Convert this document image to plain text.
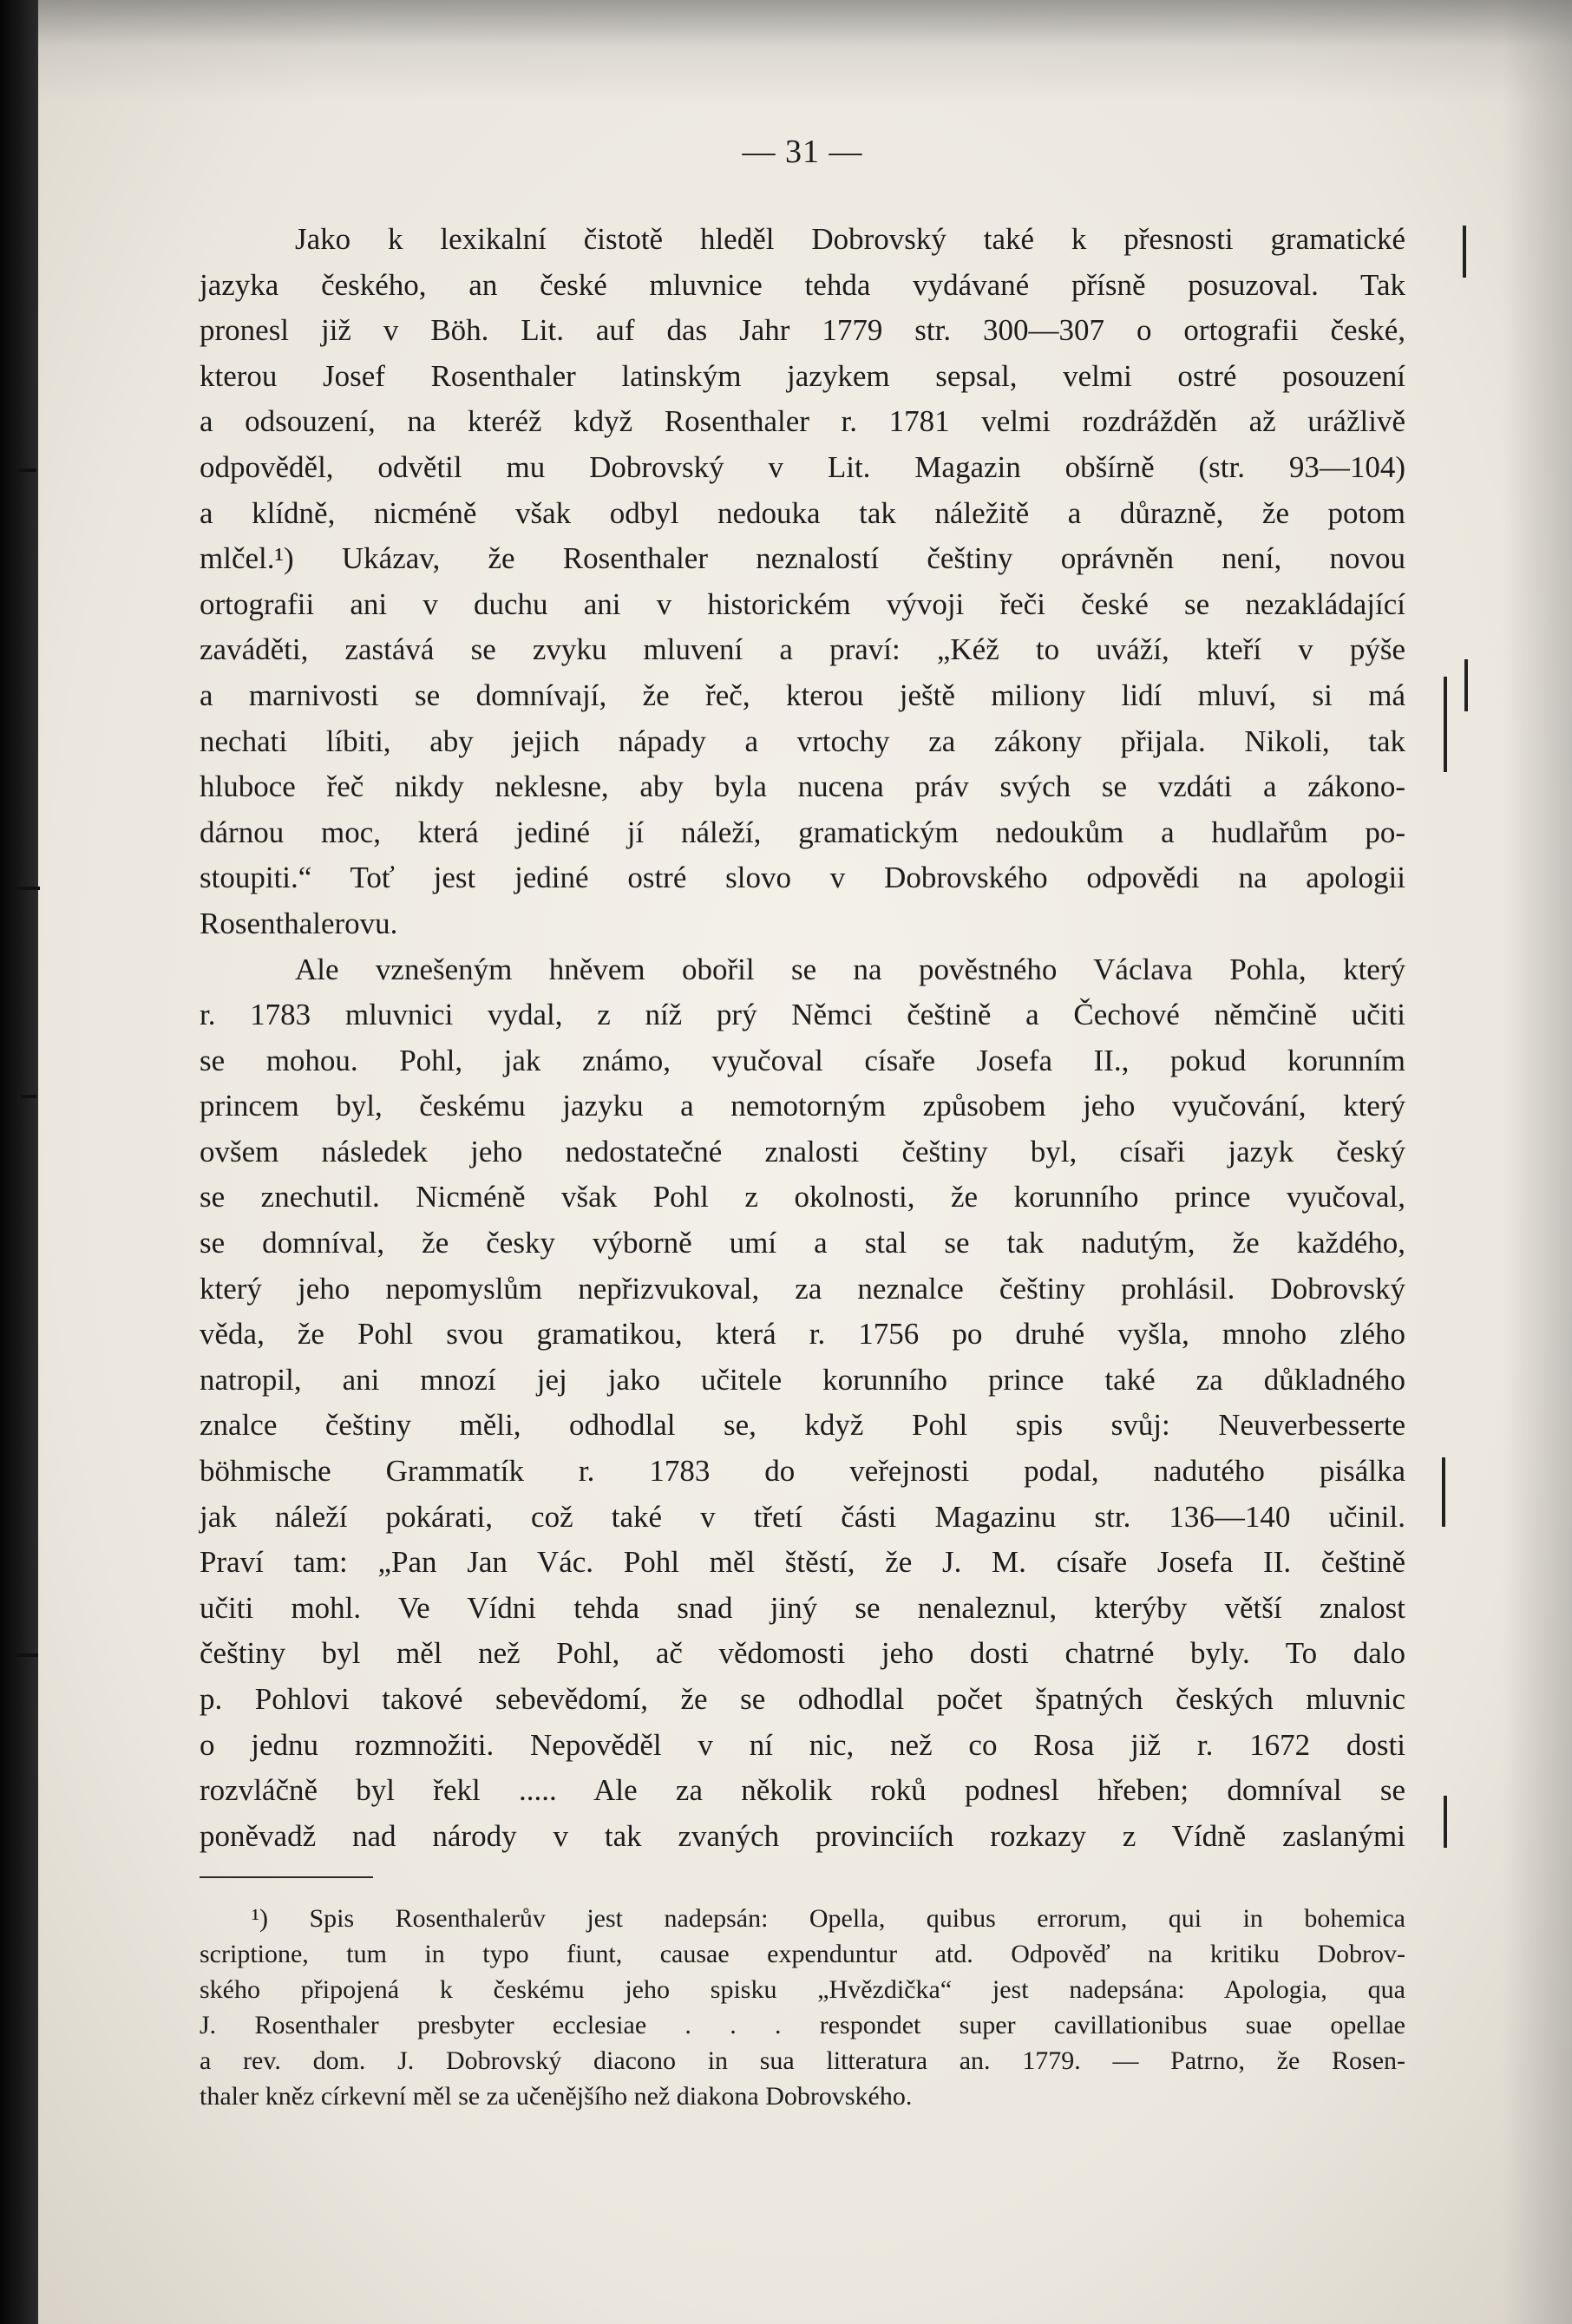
— 31 —
Jako k lexikalní čistotě hleděl Dobrovský také k přesnosti gramatické
jazyka českého, an české mluvnice tehda vydávané přísně posuzoval. Tak
pronesl již v Böh. Lit. auf das Jahr 1779 str. 300—307 o ortografii české,
kterou Josef Rosenthaler latinským jazykem sepsal, velmi ostré posouzení
a odsouzení, na kteréž když Rosenthaler r. 1781 velmi rozdrážděn až urážlivě
odpověděl, odvětil mu Dobrovský v Lit. Magazin obšírně (str. 93—104)
a klídně, nicméně však odbyl nedouka tak náležitě a důrazně, že potom
mlčel.¹) Ukázav, že Rosenthaler neznalostí češtiny oprávněn není, novou
ortografii ani v duchu ani v historickém vývoji řeči české se nezakládající
zaváděti, zastává se zvyku mluvení a praví: „Kéž to uváží, kteří v pýše
a marnivosti se domnívají, že řeč, kterou ještě miliony lidí mluví, si má
nechati líbiti, aby jejich nápady a vrtochy za zákony přijala. Nikoli, tak
hluboce řeč nikdy neklesne, aby byla nucena práv svých se vzdáti a zákono-
dárnou moc, která jediné jí náleží, gramatickým nedoukům a hudlařům po-
stoupiti.“ Toť jest jediné ostré slovo v Dobrovského odpovědi na apologii
Rosenthalerovu.
Ale vznešeným hněvem obořil se na pověstného Václava Pohla, který
r. 1783 mluvnici vydal, z níž prý Němci češtině a Čechové němčině učiti
se mohou. Pohl, jak známo, vyučoval císaře Josefa II., pokud korunním
princem byl, českému jazyku a nemotorným způsobem jeho vyučování, který
ovšem následek jeho nedostatečné znalosti češtiny byl, císaři jazyk český
se znechutil. Nicméně však Pohl z okolnosti, že korunního prince vyučoval,
se domníval, že česky výborně umí a stal se tak nadutým, že každého,
který jeho nepomyslům nepřizvukoval, za neznalce češtiny prohlásil. Dobrovský
věda, že Pohl svou gramatikou, která r. 1756 po druhé vyšla, mnoho zlého
natropil, ani mnozí jej jako učitele korunního prince také za důkladného
znalce češtiny měli, odhodlal se, když Pohl spis svůj: Neuverbesserte
böhmische Grammatík r. 1783 do veřejnosti podal, nadutého pisálka
jak náleží pokárati, což také v třetí části Magazinu str. 136—140 učinil.
Praví tam: „Pan Jan Vác. Pohl měl štěstí, že J. M. císaře Josefa II. češtině
učiti mohl. Ve Vídni tehda snad jiný se nenaleznul, kterýby větší znalost
češtiny byl měl než Pohl, ač vědomosti jeho dosti chatrné byly. To dalo
p. Pohlovi takové sebevědomí, že se odhodlal počet špatných českých mluvnic
o jednu rozmnožiti. Nepověděl v ní nic, než co Rosa již r. 1672 dosti
rozvláčně byl řekl ..... Ale za několik roků podnesl hřeben; domníval se
poněvadž nad národy v tak zvaných provinciích rozkazy z Vídně zaslanými
¹) Spis Rosenthalerův jest nadepsán: Opella, quibus errorum, qui in bohemica
scriptione, tum in typo fiunt, causae expenduntur atd. Odpověď na kritiku Dobrov-
ského připojená k českému jeho spisku „Hvězdička“ jest nadepsána: Apologia, qua
J. Rosenthaler presbyter ecclesiae . . . respondet super cavillationibus suae opellae
a rev. dom. J. Dobrovský diacono in sua litteratura an. 1779. — Patrno, že Rosen-
thaler kněz církevní měl se za učenějšího než diakona Dobrovského.
